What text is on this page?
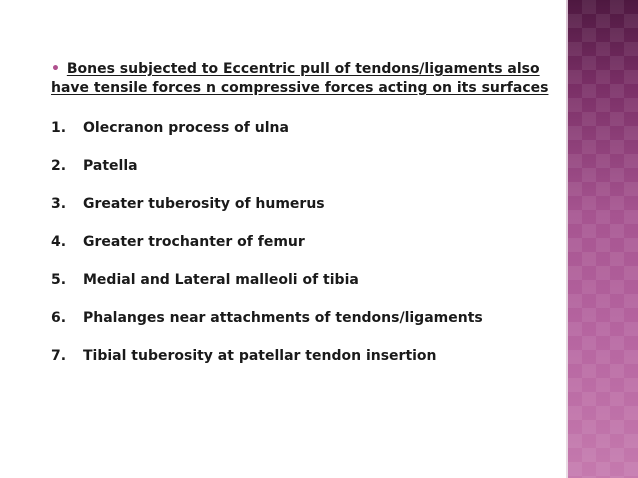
• Bones subjected to Eccentric pull of tendons/ligaments also have tensile forces n compressive forces acting on its surfaces
1. Olecranon process of ulna
2. Patella
3. Greater tuberosity of humerus
4. Greater trochanter of femur
5. Medial and Lateral malleoli of tibia
6. Phalanges near attachments of tendons/ligaments
7. Tibial tuberosity at patellar tendon insertion
